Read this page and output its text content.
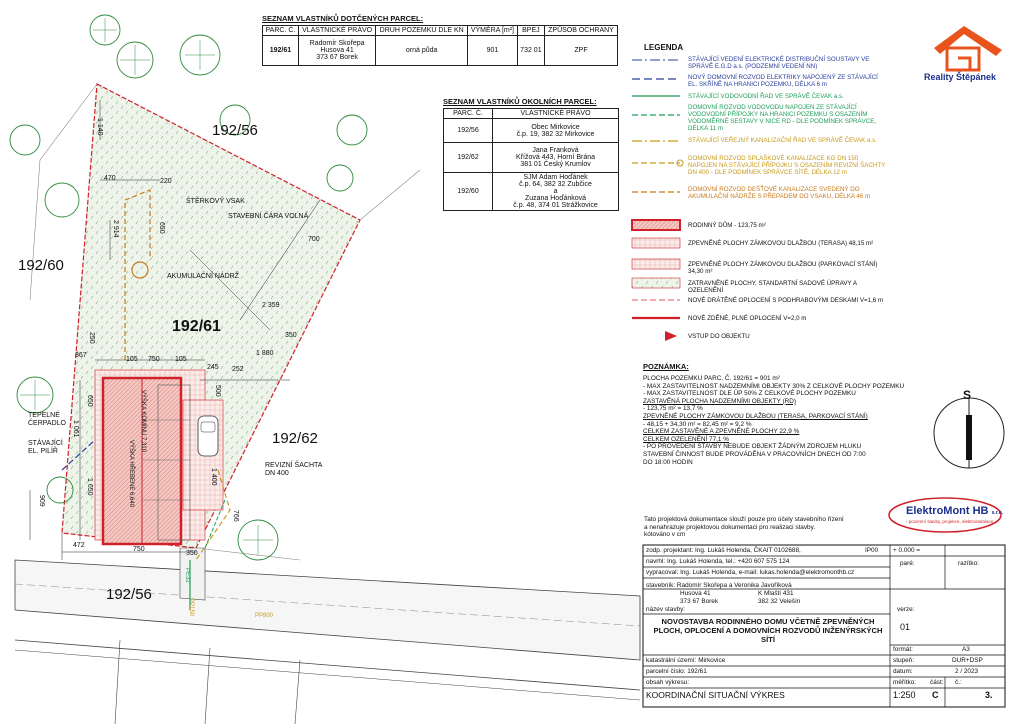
SEZNAM VLASTNÍKŮ DOTČENÝCH PARCEL:
PARC. Č.	VLASTNICKÉ PRÁVO	DRUH POZEMKU DLE KN	VÝMĚRA [m²]	BPEJ	ZPŮSOB OCHRANY
192/61	Radomír Skořepa
Husova 41
373 67 Borek	orná půda	901	732 01	ZPF
SEZNAM VLASTNÍKŮ OKOLNÍCH PARCEL:
PARC. Č.	VLASTNICKÉ PRÁVO
192/56	Obec Mirkovice
č.p. 19, 382 32 Mirkovice

192/62	Jana Franková
Křížová 443, Horní Brána
381 01 Český Krumlov

192/60	SJM Adam Hoďánek
č.p. 64, 382 32 Zubčice
a
Zuzana Hoďánková
č.p. 48, 374 01 Strážkovice
Reality Štěpánek
LEGENDA
STÁVAJÍCÍ VEDENÍ ELEKTRICKÉ DISTRIBUČNÍ SOUSTAVY VE SPRÁVĚ E.G.D a.s. (PODZEMNÍ VEDENÍ NN)
NOVÝ DOMOVNÍ ROZVOD ELEKTRIKY NAPOJENÝ ZE STÁVAJÍCÍ EL. SKŘÍNĚ NA HRANICI POZEMKU, DÉLKA 6 m
STÁVAJÍCÍ VODOVODNÍ ŘAD VE SPRÁVĚ ČEVAK a.s.
DOMOVNÍ ROZVOD VODOVODU NAPOJEN ZE STÁVAJÍCÍ VODOVODNÍ PŘÍPOJKY NA HRANICI POZEMKU S OSAZENÍM VODOMĚRNÉ SESTAVY V NICE RD - DLE PODMÍNEK SPRÁVCE, DÉLKA 11 m
STÁVAJÍCÍ VEŘEJNÝ KANALIZAČNÍ ŘAD VE SPRÁVĚ ČEVAK a.s.
DOMOVNÍ ROZVOD SPLAŠKOVÉ KANALIZACE KG DN 150 NAPOJEN NA STÁVAJÍCÍ PŘÍPOJKU S OSAZENÍM REVIZNÍ ŠACHTY DN 400 - DLE PODMÍNEK SPRÁVCE SÍTĚ, DÉLKA 12 m
DOMOVNÍ ROZVOD DEŠŤOVÉ KANALIZACE SVEDENÝ DO AKUMULAČNÍ NÁDRŽE S PŘEPADEM DO VSAKU, DÉLKA 46 m
RODINNÝ DŮM - 123,75 m²
ZPEVNĚNÉ PLOCHY ZÁMKOVOU DLAŽBOU (TERASA) 48,15 m²
ZPEVNĚNÉ PLOCHY ZÁMKOVOU DLAŽBOU (PARKOVACÍ STÁNÍ) 34,30 m²
ZATRAVNĚNÉ PLOCHY, STANDARTNÍ SADOVÉ ÚPRAVY A OZELENĚNÍ
NOVÉ DRÁTĚNÉ OPLOCENÍ S PODHRABOVÝMI DESKAMI V=1,6 m
NOVÉ ZDĚNÉ, PLNÉ OPLOCENÍ V=2,0 m
VSTUP DO OBJEKTU
POZNÁMKA:
PLOCHA POZEMKU PARC. Č. 192/61 = 901 m²
- MAX ZASTAVITELNOST NADZEMNÍMI OBJEKTY 30% Z CELKOVÉ PLOCHY POZEMKU
- MAX ZASTAVITELNOST DLE ÚP 50% Z CELKOVÉ PLOCHY POZEMKU
ZASTAVĚNÁ PLOCHA NADZEMNÍMI OBJEKTY (RD)
- 123,75 m² = 13,7 %
ZPEVNĚNÉ PLOCHY ZÁMKOVOU DLAŽBOU (TERASA, PARKOVACÍ STÁNÍ)
- 48,15 + 34,30 m² = 82,45 m² = 9,2 %
CELKEM ZASTAVĚNÉ A ZPEVNĚNÉ PLOCHY 22,9 %
CELKEM OZELENĚNÍ 77,1 %
- PO PROVEDENÍ STAVBY NEBUDE OBJEKT ŽÁDNÝM ZDROJEM HLUKU
STAVEBNÍ ČINNOST BUDE PROVÁDĚNA V PRACOVNÍCH DNECH OD 7:00
DO 18:00 HODIN
S
ElektroMont HB s.r.o.
- pozemní stavby, projekce, elektroinstalace
Tato projektová dokumentace slouží pouze pro účely stavebního řízení
a nenahrazuje projektovou dokumentaci pro realizaci stavby.
kótováno v cm
zodp. projektant: Ing. Lukáš Holenda, ČKAIT 0102688,	IP00 + 0.000 =
navrhl: Ing. Lukáš Holenda, tel.: +420 607 575 124	paré:	razítko:
vypracoval: Ing. Lukáš Holenda, e-mail: lukas.holenda@elektromonthb.cz
stavebník: Radomír Skořepa a Veronika Javoříková
Husova 41
373 67 Borek
K Mlaští 431
382 32 Velešín
název stavby:
NOVOSTAVBA RODINNÉHO DOMU VČETNĚ ZPEVNĚNÝCH PLOCH, OPLOCENÍ A DOMOVNÍCH ROZVODŮ INŽENÝRSKÝCH SÍTÍ
verze:
01
formát:	A3
katastrální území: Mirkovice	stupeň:	DUR+DSP
parcelní číslo: 192/61	datum:	2 / 2023
obsah výkresu:	měřítko: část: č.:
KOORDINAČNÍ SITUAČNÍ VÝKRES	1:250 C	3.
192/61
192/56
192/60
192/62
192/56
ŠTĚRKOVÝ VSAK
STAVEBNÍ ČÁRA VOLNÁ
AKUMULAČNÍ NÁDRŽ
TEPELNÉ
ČERPADLO
STÁVAJÍCÍ
EL. PILÍŘ
REVIZNÍ ŠACHTA
DN 400
VÝŠKA KOMÍNU 7,310
VÝŠKA HŘEBENE 6,640
PE32
PP150	PP800
1 140
470	220
650
2 914
700
2 359
350
1 880
250
367
105 750 105
245 252
650
1 061
500
1 650
909
472
750
350
766
1 400
